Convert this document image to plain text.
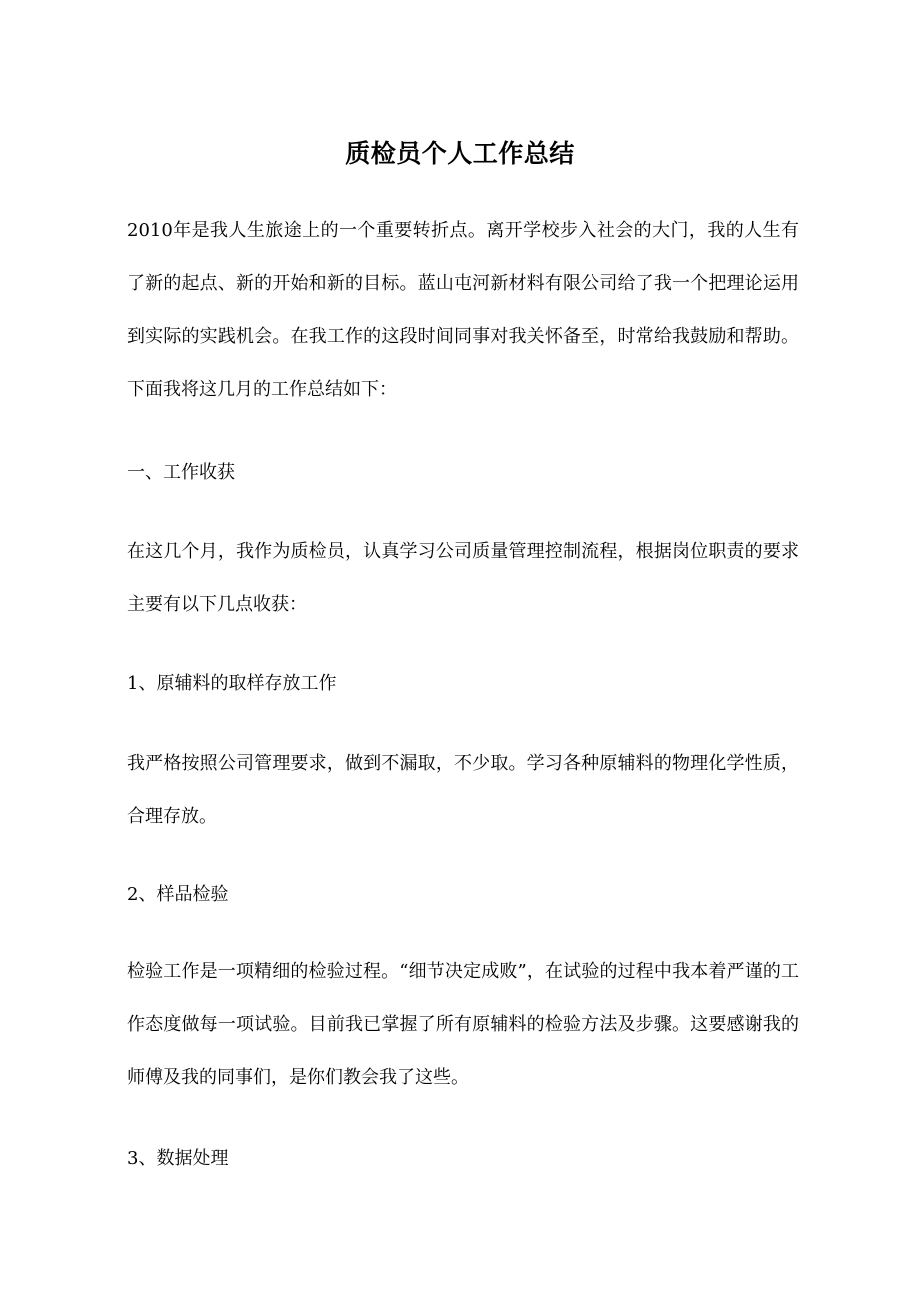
质检员个人工作总结

2010年是我人生旅途上的一个重要转折点。离开学校步入社会的大门，我的人生有了新的起点、新的开始和新的目标。蓝山屯河新材料有限公司给了我一个把理论运用到实际的实践机会。在我工作的这段时间同事对我关怀备至，时常给我鼓励和帮助。下面我将这几月的工作总结如下：

一、工作收获

在这几个月，我作为质检员，认真学习公司质量管理控制流程，根据岗位职责的要求主要有以下几点收获：

1、原辅料的取样存放工作

我严格按照公司管理要求，做到不漏取，不少取。学习各种原辅料的物理化学性质，合理存放。

2、样品检验

检验工作是一项精细的检验过程。“细节决定成败”，在试验的过程中我本着严谨的工作态度做每一项试验。目前我已掌握了所有原辅料的检验方法及步骤。这要感谢我的师傅及我的同事们，是你们教会我了这些。

3、数据处理
